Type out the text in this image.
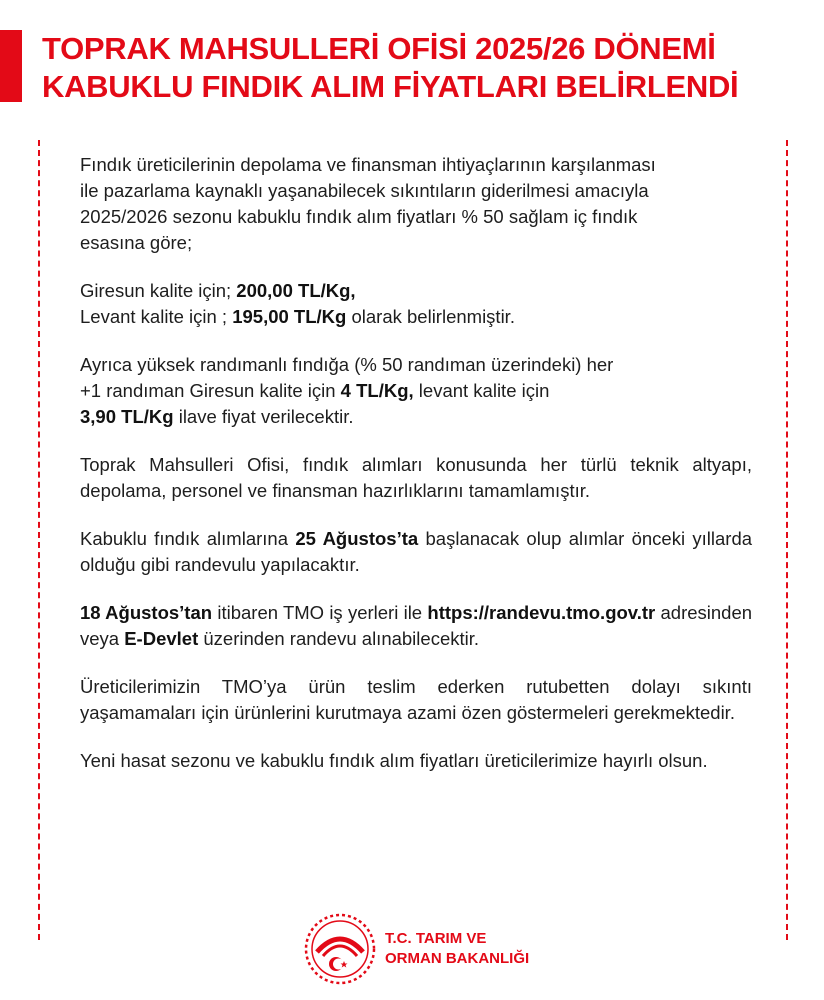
TOPRAK MAHSULLERİ OFİSİ 2025/26 DÖNEMİ
KABUKLU FINDIK ALIM FİYATLARI BELİRLENDİ

Fındık üreticilerinin depolama ve finansman ihtiyaçlarının karşılanması
ile pazarlama kaynaklı yaşanabilecek sıkıntıların giderilmesi amacıyla
2025/2026 sezonu kabuklu fındık alım fiyatları % 50 sağlam iç fındık
esasına göre;

Giresun kalite için; 200,00 TL/Kg,
Levant kalite için ; 195,00 TL/Kg olarak belirlenmiştir.

Ayrıca yüksek randımanlı fındığa (% 50 randıman üzerindeki) her
+1 randıman Giresun kalite için 4 TL/Kg, levant kalite için
3,90 TL/Kg ilave fiyat verilecektir.

Toprak Mahsulleri Ofisi, fındık alımları konusunda her türlü teknik altyapı, depolama, personel ve finansman hazırlıklarını tamamlamıştır.

Kabuklu fındık alımlarına 25 Ağustos’ta başlanacak olup alımlar önceki yıllarda olduğu gibi randevulu yapılacaktır.

18 Ağustos’tan itibaren TMO iş yerleri ile https://randevu.tmo.gov.tr adresinden veya E-Devlet üzerinden randevu alınabilecektir.

Üreticilerimizin TMO’ya ürün teslim ederken rutubetten dolayı sıkıntı yaşamamaları için ürünlerini kurutmaya azami özen göstermeleri gerekmektedir.

Yeni hasat sezonu ve kabuklu fındık alım fiyatları üreticilerimize hayırlı olsun.

T.C. TARIM VE
ORMAN BAKANLIĞI
